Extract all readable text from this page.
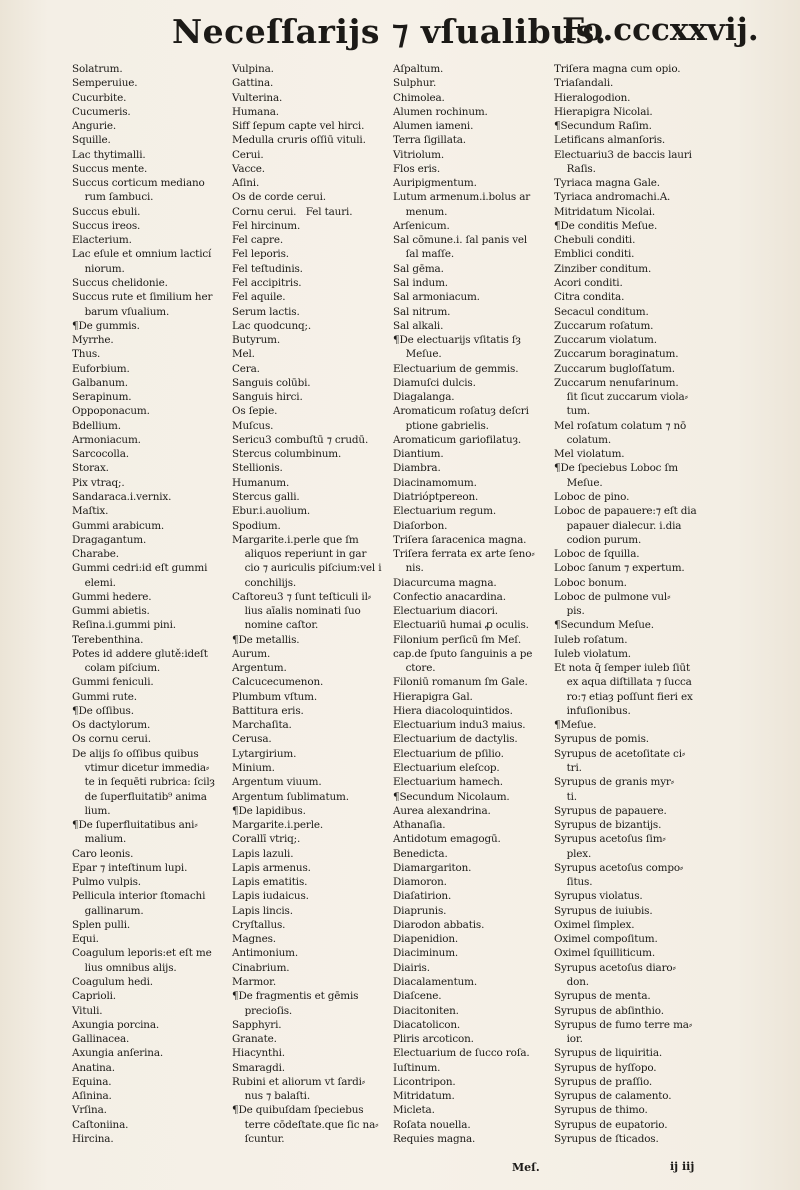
Neceſſarijs ⁊ vſualibus.
Fo.cccxxvij.
Solatrum.
Semperuiue.
Cucurbite.
Cucumeris.
Angurie.
Squille.
Lac thytimalli.
Succus mente.
Succus corticum mediano
rum ſambuci.
Succus ebuli.
Succus ireos.
Elacterium.
Lac eſule et omnium lacticí
niorum.
Succus chelidonie.
Succus rute et ſimilium her
barum vſualium.
¶De gummis.
Myrrhe.
Thus.
Euforbium.
Galbanum.
Serapinum.
Oppoponacum.
Bdellium.
Armoniacum.
Sarcocolla.
Storax.
Pix vtraq;.
Sandaraca.i.vernix.
Maſtix.
Gummi arabicum.
Dragagantum.
Charabe.
Gummi cedri:id eſt gummi
elemi.
Gummi hedere.
Gummi abietis.
Reſina.i.gummi pini.
Terebenthina.
Potes id addere glutě:ideſt
colam piſcium.
Gummi feniculi.
Gummi rute.
¶De oſſibus.
Os dactylorum.
Os cornu cerui.
De alijs ſo oſſibus quibus
vtimur dicetur immedia⸗
te in ſequēti rubrica: ſcilȝ
de ſuperfluitatib⁹ anima
lium.
¶De ſuperfluitatibus ani⸗
malium.
Caro leonis.
Epar ⁊ inteſtinum lupi.
Pulmo vulpis.
Pellicula interior ſtomachi
gallinarum.
Splen pulli.
Equi.
Coagulum leporis:et eſt me
lius omnibus alijs.
Coagulum hedi.
Caprioli.
Vituli.
Axungia porcina.
Gallinacea.
Axungia anſerina.
Anatina.
Equina.
Aſinina.
Vrſina.
Caſtoniina.
Hircina.
Vulpina.
Gattina.
Vulterina.
Humana.
Siff ſepum capte vel hirci.
Medulla cruris oſſiū vituli.
Cerui.
Vacce.
Aſini.
Os de corde cerui.
Cornu cerui.   Fel tauri.
Fel hircinum.
Fel capre.
Fel leporis.
Fel teſtudinis.
Fel accipitris.
Fel aquile.
Serum lactis.
Lac quodcunq;.
Butyrum.
Mel.
Cera.
Sanguis colūbi.
Sanguis hirci.
Os ſepie.
Muſcus.
Sericu3 combuſtū ⁊ crudū.
Stercus columbinum.
Stellionis.
Humanum.
Stercus galli.
Ebur.i.auolium.
Spodium.
Margarite.i.perle que ſm
aliquos reperiunt in gar
cio ⁊ auriculis piſcium:vel i
conchilijs.
Caſtoreu3 ⁊ ſunt teſticuli il⸗
lius aīalis nominati ſuo
nomine caſtor.
¶De metallis.
Aurum.
Argentum.
Calcucecumenon.
Plumbum vſtum.
Battitura eris.
Marchaſita.
Cerusa.
Lytargirium.
Minium.
Argentum viuum.
Argentum ſublimatum.
¶De lapidibus.
Margarite.i.perle.
Corallī vtriq;.
Lapis lazuli.
Lapis armenus.
Lapis ematitis.
Lapis iudaicus.
Lapis lincis.
Cryſtallus.
Magnes.
Antimonium.
Cinabrium.
Marmor.
¶De fragmentis et gēmis
precioſis.
Sapphyri.
Granate.
Hiacynthi.
Smaragdi.
Rubini et aliorum vt ſardi⸗
nus ⁊ balaſti.
¶De quibuſdam ſpeciebus
terre cōdeſtate.que ſic na⸗
ſcuntur.
Aſpaltum.
Sulphur.
Chimolea.
Alumen rochinum.
Alumen iameni.
Terra ſigillata.
Vitriolum.
Flos eris.
Auripigmentum.
Lutum armenum.i.bolus ar
menum.
Arſenicum.
Sal cōmune.i. ſal panis vel
ſal maſſe.
Sal gēma.
Sal indum.
Sal armoniacum.
Sal nitrum.
Sal alkali.
¶De electuarijs vſitatis ſȝ
Meſue.
Electuarium de gemmis.
Diamuſci dulcis.
Diagalanga.
Aromaticum roſatuȝ deſcri
ptione gabrielis.
Aromaticum gariofilatuȝ.
Diantium.
Diambra.
Diacinamomum.
Diatrióptpereon.
Electuarium regum.
Diaſorbon.
Triſera ſaracenica magna.
Triſera ferrata ex arte ſeno⸗
nis.
Diacurcuma magna.
Confectio anacardina.
Electuarium diacori.
Electuariū humai ꝓ oculis.
Filonium perſicū ſm Meſ.
cap.de ſputo ſanguinis a pe
ctore.
Filoniū romanum ſm Gale.
Hierapigra Gal.
Hiera diacoloquintidos.
Electuarium indu3 maius.
Electuarium de dactylis.
Electuarium de pſilio.
Electuarium eleſcop.
Electuarium hamech.
¶Secundum Nicolaum.
Aurea alexandrina.
Athanaſia.
Antidotum emagogū.
Benedicta.
Diamargariton.
Diamoron.
Diaſatirion.
Diaprunis.
Diarodon abbatis.
Diapenidion.
Diaciminum.
Diairis.
Diacalamentum.
Diaſcene.
Diacitoniten.
Diacatolicon.
Pliris arcoticon.
Electuarium de ſucco roſa.
Iuſtinum.
Licontripon.
Mitridatum.
Micleta.
Roſata nouella.
Requies magna.
Triſera magna cum opio.
Triaſandali.
Hieralogodion.
Hierapigra Nicolai.
¶Secundum Raſim.
Letificans almanſoris.
Electuariu3 de baccis lauri
Raſis.
Tyriaca magna Gale.
Tyriaca andromachi.A.
Mitridatum Nicolai.
¶De conditis Meſue.
Chebuli conditi.
Emblici conditi.
Zinziber conditum.
Acori conditi.
Citra condita.
Secacul conditum.
Zuccarum roſatum.
Zuccarum violatum.
Zuccarum boraginatum.
Zuccarum bugloſſatum.
Zuccarum nenufarinum.
ſit ſicut zuccarum viola⸗
tum.
Mel roſatum colatum ⁊ nō
colatum.
Mel violatum.
¶De ſpeciebus Loboc ſm
Meſue.
Loboc de pino.
Loboc de papauere:⁊ eſt dia
papauer dialecur. i.dia
codion purum.
Loboc de ſquilla.
Loboc ſanum ⁊ expertum.
Loboc bonum.
Loboc de pulmone vul⸗
pis.
¶Secundum Meſue.
Iuleb roſatum.
Iuleb violatum.
Et nota q̄ ſemper iuleb ſiūt
ex aqua diſtillata ⁊ ſucca
ro:⁊ etiaȝ poſſunt fieri ex
infuſionibus.
¶Meſue.
Syrupus de pomis.
Syrupus de acetoſitate ci⸗
tri.
Syrupus de granis myr⸗
ti.
Syrupus de papauere.
Syrupus de bizantijs.
Syrupus acetoſus ſim⸗
plex.
Syrupus acetoſus compo⸗
ſitus.
Syrupus violatus.
Syrupus de iuiubis.
Oximel ſimplex.
Oximel compoſitum.
Oximel ſquilliticum.
Syrupus acetoſus diaro⸗
don.
Syrupus de menta.
Syrupus de abſinthio.
Syrupus de fumo terre ma⸗
ior.
Syrupus de liquiritia.
Syrupus de hyſſopo.
Syrupus de praſſio.
Syrupus de calamento.
Syrupus de thimo.
Syrupus de eupatorio.
Syrupus de ſticados.
Meſ.	ij iij
